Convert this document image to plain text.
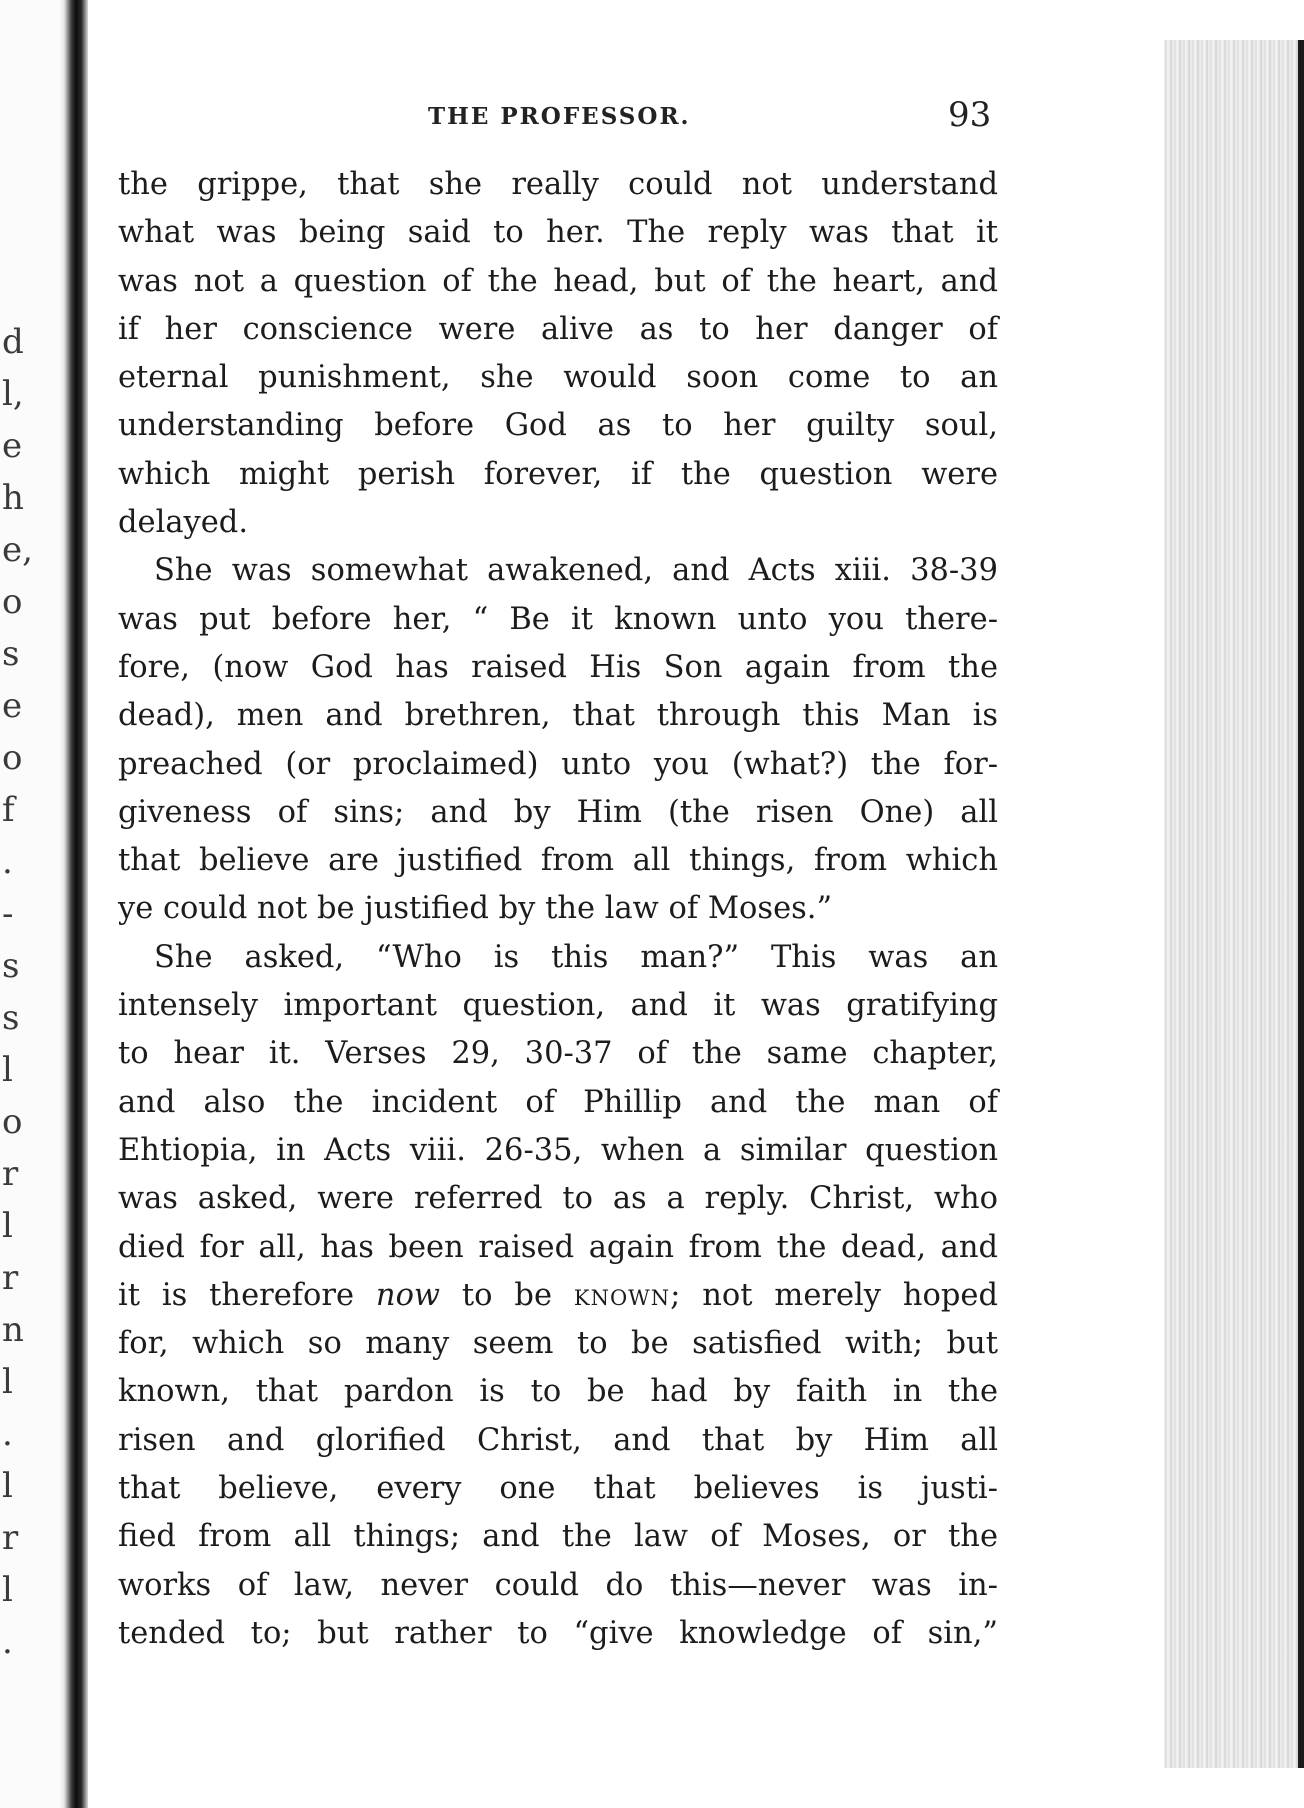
d
l,
e
h
e,
o
s
e
o
f
.
-
s
s
l
o
r
l
r
n
l
.
l
r
l
.
THE PROFESSOR.	93

the grippe, that she really could not understand
what was being said to her. The reply was that it
was not a question of the head, but of the heart, and
if her conscience were alive as to her danger of
eternal punishment, she would soon come to an
understanding before God as to her guilty soul,
which might perish forever, if the question were
delayed.

She was somewhat awakened, and Acts xiii. 38-39
was put before her, “ Be it known unto you there-
fore, (now God has raised His Son again from the
dead), men and brethren, that through this Man is
preached (or proclaimed) unto you (what?) the for-
giveness of sins; and by Him (the risen One) all
that believe are justified from all things, from which
ye could not be justified by the law of Moses.”

She asked, “Who is this man?” This was an
intensely important question, and it was gratifying
to hear it. Verses 29, 30-37 of the same chapter,
and also the incident of Phillip and the man of
Ehtiopia, in Acts viii. 26-35, when a similar question
was asked, were referred to as a reply. Christ, who
died for all, has been raised again from the dead, and
it is therefore now to be known; not merely hoped
for, which so many seem to be satisfied with; but
known, that pardon is to be had by faith in the
risen and glorified Christ, and that by Him all
that believe, every one that believes is justi-
fied from all things; and the law of Moses, or the
works of law, never could do this—never was in-
tended to; but rather to “give knowledge of sin,”
